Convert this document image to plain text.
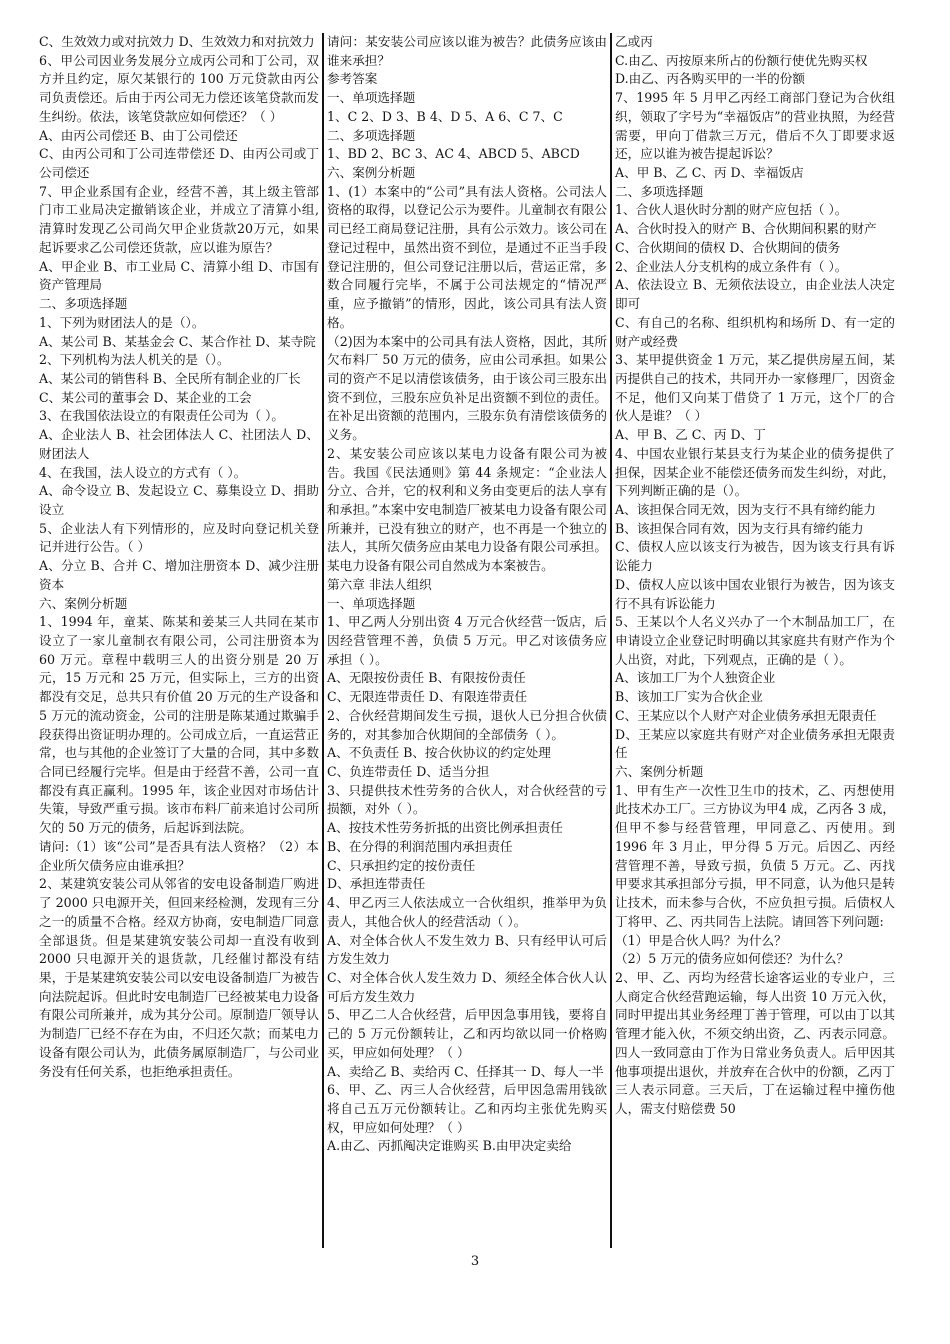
C、生效效力或对抗效力 D、生效效力和对抗效力

6、甲公司因业务发展分立成丙公司和丁公司，双方并且约定，原欠某银行的 100 万元贷款由丙公司负责偿还。后由于丙公司无力偿还该笔贷款而发生纠纷。依法，该笔贷款应如何偿还？（ ）

A、由丙公司偿还 B、由丁公司偿还

C、由丙公司和丁公司连带偿还 D、由丙公司或丁公司偿还

7、甲企业系国有企业，经营不善，其上级主管部门市工业局决定撤销该企业，并成立了清算小组,清算时发现乙公司尚欠甲企业货款20万元，如果起诉要求乙公司偿还货款，应以谁为原告？

A、甲企业 B、市工业局 C、清算小组 D、市国有资产管理局

二、多项选择题

1、下列为财团法人的是（）。

A、某公司 B、某基金会 C、某合作社 D、某寺院

2、下列机构为法人机关的是（）。

A、某公司的销售科 B、全民所有制企业的厂长

C、某公司的董事会 D、某企业的工会

3、在我国依法设立的有限责任公司为（ ）。

A、企业法人 B、社会团体法人 C、社团法人 D、财团法人

4、在我国，法人设立的方式有（ ）。

A、命令设立 B、发起设立 C、募集设立 D、捐助设立

5、企业法人有下列情形的，应及时向登记机关登记并进行公告。（ ）

A、分立 B、合并 C、增加注册资本 D、减少注册资本

六、案例分析题

1、1994 年，童某、陈某和姜某三人共同在某市设立了一家儿童制衣有限公司，公司注册资本为 60 万元。章程中载明三人的出资分别是 20 万元，15 万元和 25 万元，但实际上，三方的出资都没有交足，总共只有价值 20 万元的生产设备和 5 万元的流动资金，公司的注册是陈某通过欺骗手段获得出资证明办理的。公司成立后，一直运营正常，也与其他的企业签订了大量的合同，其中多数合同已经履行完毕。但是由于经营不善，公司一直都没有真正赢利。1995 年，该企业因对市场估计失策，导致严重亏损。该市布料厂前来追讨公司所欠的 50 万元的债务，后起诉到法院。

请问:（1）该“公司”是否具有法人资格？（2）本企业所欠债务应由谁承担？

2、某建筑安装公司从邻省的安电设备制造厂购进了 2000 只电源开关，但回来经检测，发现有三分之一的质量不合格。经双方协商，安电制造厂同意全部退货。但是某建筑安装公司却一直没有收到 2000 只电源开关的退货款，几经催讨都没有结果，于是某建筑安装公司以安电设备制造厂为被告向法院起诉。但此时安电制造厂已经被某电力设备有限公司所兼并，成为其分公司。原制造厂领导认为制造厂已经不存在为由，不归还欠款；而某电力设备有限公司认为，此债务属原制造厂，与公司业务没有任何关系，也拒绝承担责任。

请问：某安装公司应该以谁为被告？此债务应该由谁来承担？

参考答案

一、单项选择题

1、C 2、D 3、B 4、D 5、A 6、C 7、C

二、多项选择题

1、BD 2、BC 3、AC 4、ABCD 5、ABCD

六、案例分析题

1、(1）本案中的“公司”具有法人资格。公司法人资格的取得，以登记公示为要件。儿童制衣有限公司已经工商局登记注册，具有公示效力。该公司在登记过程中，虽然出资不到位，是通过不正当手段登记注册的，但公司登记注册以后，营运正常，多数合同履行完毕，不属于公司法规定的“情况严重，应予撤销”的情形，因此，该公司具有法人资格。

（2)因为本案中的公司具有法人资格，因此，其所欠布料厂 50 万元的债务，应由公司承担。如果公司的资产不足以清偿该债务，由于该公司三股东出资不到位，三股东应负补足出资额不到位的责任。在补足出资额的范围内，三股东负有清偿该债务的义务。

2、某安装公司应该以某电力设备有限公司为被告。我国《民法通则》第 44 条规定：“企业法人分立、合并，它的权利和义务由变更后的法人享有和承担。”本案中安电制造厂被某电力设备有限公司所兼并，已没有独立的财产，也不再是一个独立的法人，其所欠债务应由某电力设备有限公司承担。某电力设备有限公司自然成为本案被告。

第六章 非法人组织

一、单项选择题

1、甲乙两人分别出资 4 万元合伙经营一饭店，后因经营管理不善，负债 5 万元。甲乙对该债务应承担（ ）。

A、无限按份责任 B、有限按份责任

C、无限连带责任 D、有限连带责任

2、合伙经营期间发生亏损，退伙人已分担合伙债务的，对其参加合伙期间的全部债务（ ）。

A、不负责任 B、按合伙协议的约定处理

C、负连带责任 D、适当分担

3、只提供技术性劳务的合伙人，对合伙经营的亏损额，对外（ ）。

A、按技术性劳务折抵的出资比例承担责任

B、在分得的利润范围内承担责任

C、只承担约定的按份责任

D、承担连带责任

4、甲乙丙三人依法成立一合伙组织，推举甲为负责人，其他合伙人的经营活动（ ）。

A、对全体合伙人不发生效力 B、只有经甲认可后方发生效力

C、对全体合伙人发生效力 D、须经全体合伙人认可后方发生效力

5、甲乙二人合伙经营，后甲因急事用钱，要将自己的 5 万元份额转让，乙和丙均欲以同一价格购买，甲应如何处理？（ ）

A、卖给乙 B、卖给丙 C、任择其一 D、每人一半

6、甲、乙、丙三人合伙经营，后甲因急需用钱欲将自己五万元份额转让。乙和丙均主张优先购买权，甲应如何处理？（ ）

A.由乙、丙抓阄决定谁购买 B.由甲决定卖给

乙或丙

C.由乙、丙按原来所占的份额行使优先购买权

D.由乙、丙各购买甲的一半的份额

7、1995 年 5 月甲乙丙经工商部门登记为合伙组织，领取了字号为“幸福饭店”的营业执照，为经营需要，甲向丁借款三万元，借后不久丁即要求返还，应以谁为被告提起诉讼？

A、甲 B、乙 C、丙 D、幸福饭店

二、多项选择题

1、合伙人退伙时分割的财产应包括（ ）。

A、合伙时投入的财产 B、合伙期间积累的财产

C、合伙期间的债权 D、合伙期间的债务

2、企业法人分支机构的成立条件有（ ）。

A、依法设立 B、无须依法设立，由企业法人决定即可

C、有自己的名称、组织机构和场所 D、有一定的财产或经费

3、某甲提供资金 1 万元，某乙提供房屋五间，某丙提供自己的技术，共同开办一家修理厂，因资金不足，他们又向某丁借贷了 1 万元，这个厂的合伙人是谁？（ ）

A、甲 B、乙 C、丙 D、丁

4、中国农业银行某县支行为某企业的债务提供了担保，因某企业不能偿还债务而发生纠纷，对此，下列判断正确的是（）。

A、该担保合同无效，因为支行不具有缔约能力

B、该担保合同有效，因为支行具有缔约能力

C、债权人应以该支行为被告，因为该支行具有诉讼能力

D、债权人应以该中国农业银行为被告，因为该支行不具有诉讼能力

5、王某以个人名义兴办了一个木制品加工厂，在申请设立企业登记时明确以其家庭共有财产作为个人出资，对此，下列观点，正确的是（ ）。

A、该加工厂为个人独资企业

B、该加工厂实为合伙企业

C、王某应以个人财产对企业债务承担无限责任

D、王某应以家庭共有财产对企业债务承担无限责任

六、案例分析题

1、甲有生产一次性卫生巾的技术，乙、丙想使用此技术办工厂。三方协议为甲4 成，乙丙各 3 成，但甲不参与经营管理，甲同意乙、丙使用。到 1996 年 3 月止，甲分得 5 万元。后因乙、丙经营管理不善，导致亏损，负债 5 万元。乙、丙找甲要求其承担部分亏损，甲不同意，认为他只是转让技术，而未参与合伙，不应负担亏损。后债权人丁将甲、乙、丙共同告上法院。请回答下列问题:

（1）甲是合伙人吗？为什么？

（2）5 万元的债务应如何偿还？为什么？

2、甲、乙、丙均为经营长途客运业的专业户，三人商定合伙经营跑运输，每人出资 10 万元入伙，同时甲提出其业务经理丁善于管理，可以由丁以其管理才能入伙，不须交纳出资，乙、丙表示同意。四人一致同意由丁作为日常业务负责人。后甲因其他事项提出退伙，并放弃在合伙中的份额，乙丙丁三人表示同意。三天后，丁在运输过程中撞伤他人，需支付赔偿费 50

3
